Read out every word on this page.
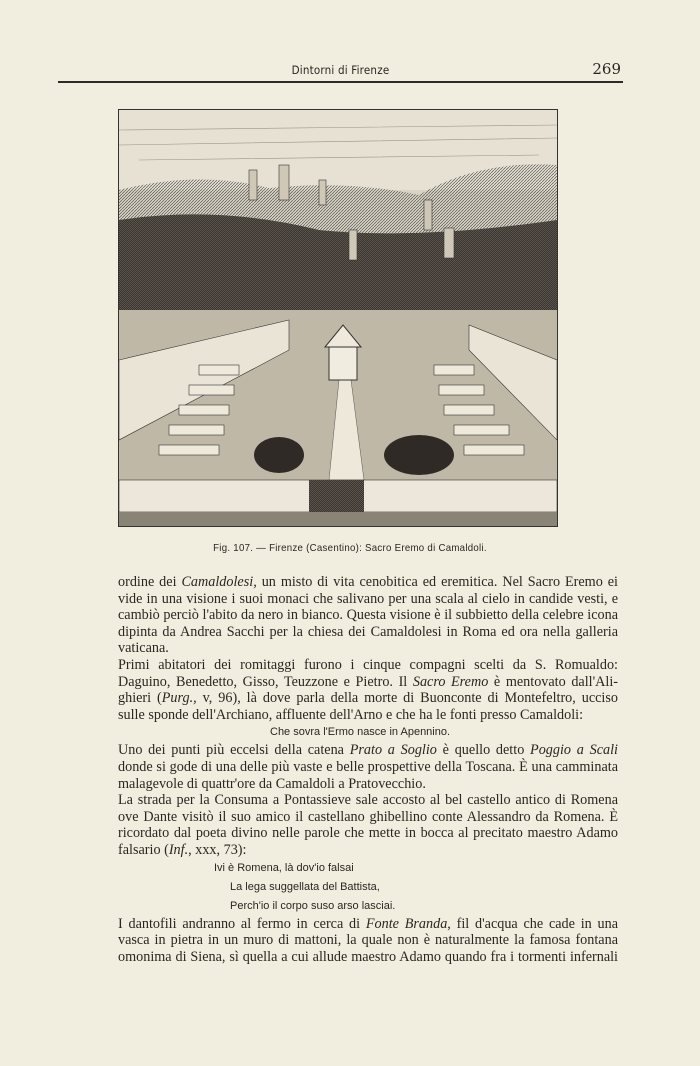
Dintorni di Firenze	269
Fig. 107. — Firenze (Casentino): Sacro Eremo di Camaldoli.
ordine dei Camaldolesi, un misto di vita cenobitica ed eremitica. Nel Sacro Eremo ei
vide in una visione i suoi monaci che salivano per una scala al cielo in candide vesti, e
cambiò perciò l'abito da nero in bianco. Questa visione è il subbietto della celebre icona
dipinta da Andrea Sacchi per la chiesa dei Camaldolesi in Roma ed ora nella galleria
vaticana.
Primi abitatori dei romitaggi furono i cinque compagni scelti da S. Romualdo:
Daguino, Benedetto, Gisso, Teuzzone e Pietro. Il Sacro Eremo è mentovato dall'Ali-
ghieri (Purg., v, 96), là dove parla della morte di Buonconte di Montefeltro, ucciso
sulle sponde dell'Archiano, affluente dell'Arno e che ha le fonti presso Camaldoli:
Che sovra l'Ermo nasce in Apennino.
Uno dei punti più eccelsi della catena Prato a Soglio è quello detto Poggio a Scali
donde si gode di una delle più vaste e belle prospettive della Toscana. È una camminata
malagevole di quattr'ore da Camaldoli a Pratovecchio.
La strada per la Consuma a Pontassieve sale accosto al bel castello antico di Romena
ove Dante visitò il suo amico il castellano ghibellino conte Alessandro da Romena. È
ricordato dal poeta divino nelle parole che mette in bocca al precitato maestro Adamo
falsario (Inf., xxx, 73):
Ivi è Romena, là dov'io falsai
La lega suggellata del Battista,
Perch'io il corpo suso arso lasciai.
I dantofili andranno al fermo in cerca di Fonte Branda, fil d'acqua che cade in una
vasca in pietra in un muro di mattoni, la quale non è naturalmente la famosa fontana
omonima di Siena, sì quella a cui allude maestro Adamo quando fra i tormenti infernali
